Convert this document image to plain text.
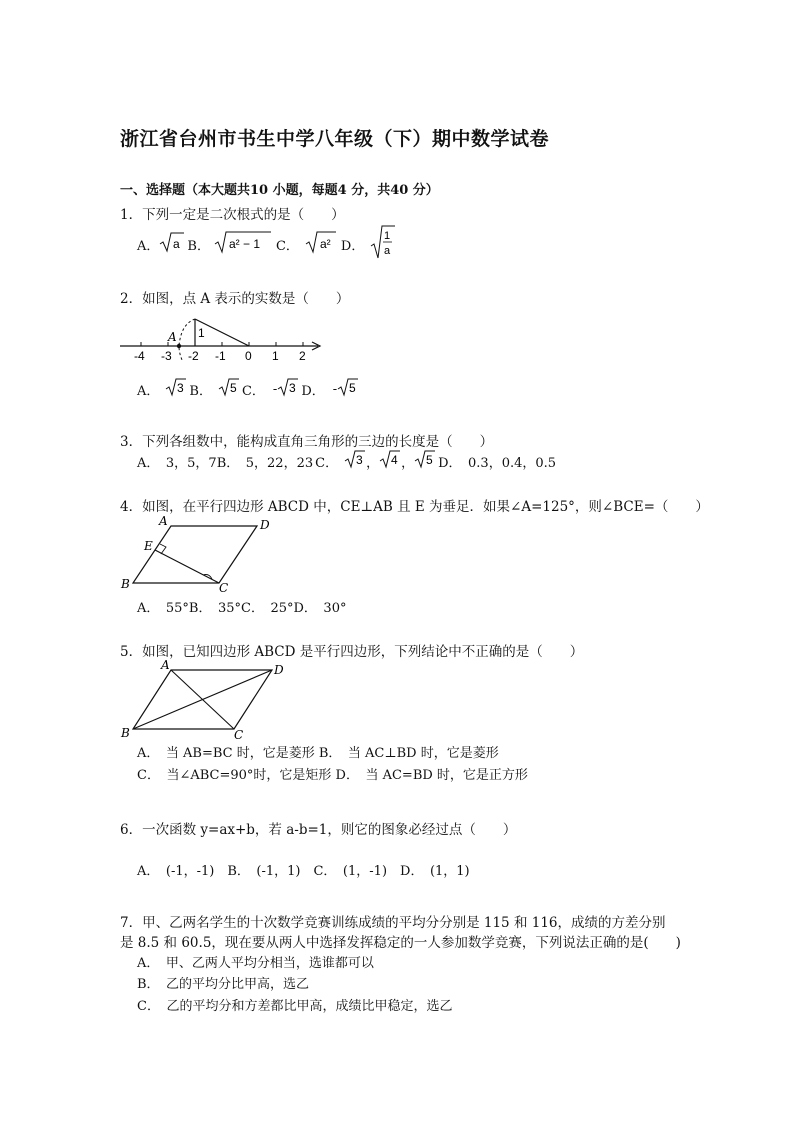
浙江省台州市书生中学八年级（下）期中数学试卷
一、选择题（本大题共10 小题，每题4 分，共40 分）
1．下列一定是二次根式的是（　　）
A． a B． a² − 1 C． a² D．
1
a
2．如图，点 A 表示的实数是（　　）
A 1
-4 -3 -2 -1 0 1 2
A． 3 B． 5 C． - 3 D． - 5
3．下列各组数中，能构成直角三角形的三边的长度是（　　）
A．　3，5，7 B．　5，22，23 C． 3 ， 4 ， 5 D．　0.3，0.4，0.5
4．如图，在平行四边形 ABCD 中，CE⊥AB 且 E 为垂足．如果∠A=125°，则∠BCE=（　　）
A	D
B	C
E
A．　55°B．　35°C．　25°D．　30°
5．如图，已知四边形 ABCD 是平行四边形，下列结论中不正确的是（　　）
A	D
B	C
A．　当 AB=BC 时，它是菱形 B．　当 AC⊥BD 时，它是菱形
C．　当∠ABC=90°时，它是矩形 D．　当 AC=BD 时，它是正方形
6．一次函数 y=ax+b，若 a-b=1，则它的图象必经过点（　　）
A．　(-1，-1)　B．　(-1，1)　C．　(1，-1)　D．　(1，1)
7．甲、乙两名学生的十次数学竞赛训练成绩的平均分分别是 115 和 116，成绩的方差分别
是 8.5 和 60.5，现在要从两人中选择发挥稳定的一人参加数学竞赛，下列说法正确的是(　　)
A．　甲、乙两人平均分相当，选谁都可以
B．　乙的平均分比甲高，选乙
C．　乙的平均分和方差都比甲高，成绩比甲稳定，选乙
